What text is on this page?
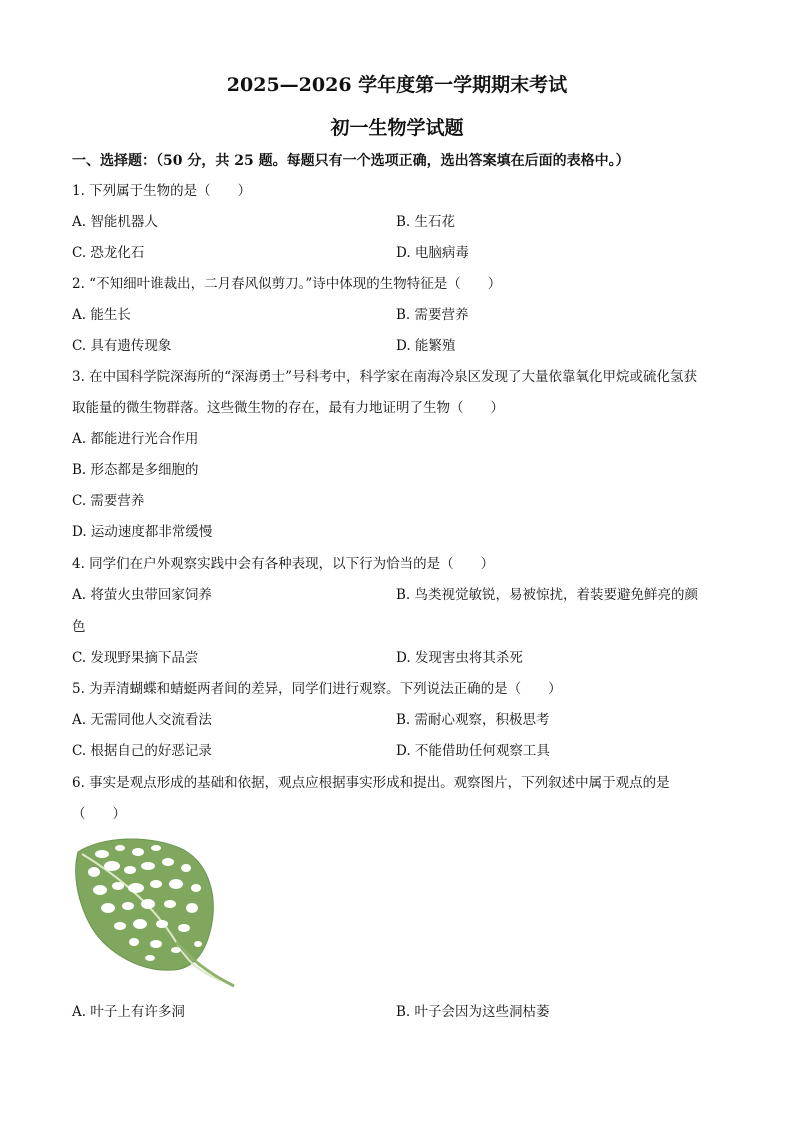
2025—2026 学年度第一学期期末考试
初一生物学试题
一、选择题：（50 分，共 25 题。每题只有一个选项正确，选出答案填在后面的表格中。）
1. 下列属于生物的是（　　）
A. 智能机器人	B. 生石花
C. 恐龙化石	D. 电脑病毒
2. “不知细叶谁裁出，二月春风似剪刀。”诗中体现的生物特征是（　　）
A. 能生长	B. 需要营养
C. 具有遗传现象	D. 能繁殖
3. 在中国科学院深海所的“深海勇士”号科考中，科学家在南海冷泉区发现了大量依靠氧化甲烷或硫化氢获
取能量的微生物群落。这些微生物的存在，最有力地证明了生物（　　）
A. 都能进行光合作用
B. 形态都是多细胞的
C. 需要营养
D. 运动速度都非常缓慢
4. 同学们在户外观察实践中会有各种表现，以下行为恰当的是（　　）
A. 将萤火虫带回家饲养	B. 鸟类视觉敏锐，易被惊扰，着装要避免鲜亮的颜
色
C. 发现野果摘下品尝	D. 发现害虫将其杀死
5. 为弄清蝴蝶和蜻蜓两者间的差异，同学们进行观察。下列说法正确的是（　　）
A. 无需同他人交流看法	B. 需耐心观察，积极思考
C. 根据自己的好恶记录	D. 不能借助任何观察工具
6. 事实是观点形成的基础和依据，观点应根据事实形成和提出。观察图片，下列叙述中属于观点的是
（　　）
A. 叶子上有许多洞	B. 叶子会因为这些洞枯萎
